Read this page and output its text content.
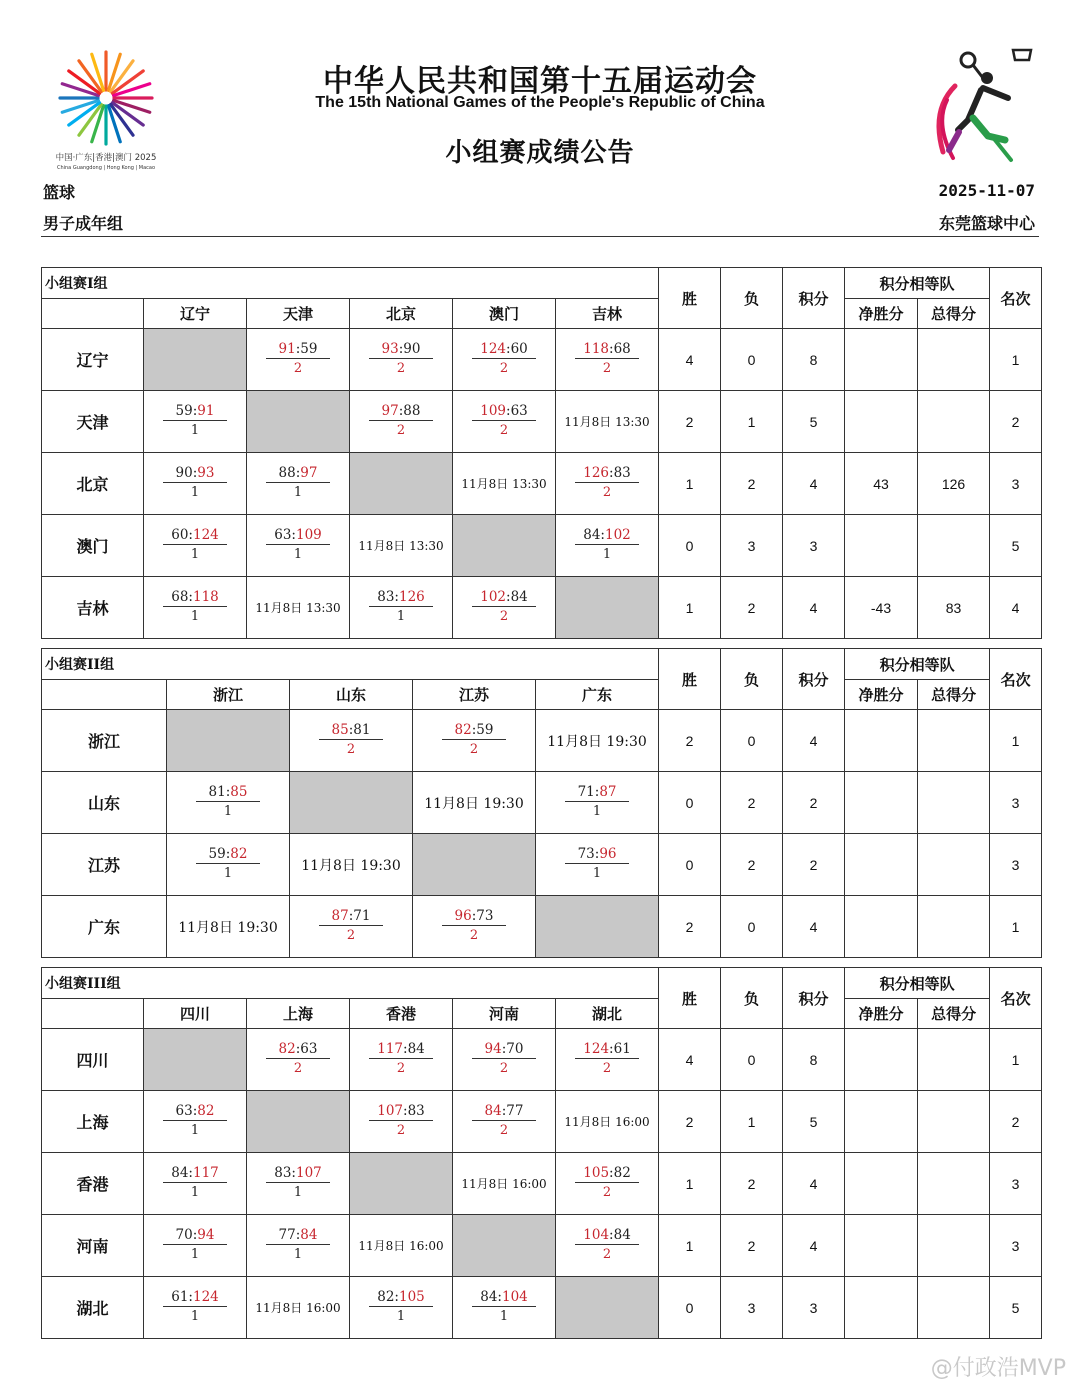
中国·广东|香港|澳门 2025
China Guangdong | Hong Kong | Macao
中华人民共和国第十五届运动会
The 15th National Games of the People's Republic of China
小组赛成绩公告
篮球
男子成年组
2025-11-07
东莞篮球中心
小组赛I组						胜	负	积分	积分相等队		名次
	辽宁	天津	北京	澳门	吉林				净胜分	总得分	
辽宁		$\frac{91:59}{2}$	$\frac{93:90}{2}$	$\frac{124:60}{2}$	$\frac{118:68}{2}$	4	0	8			1
天津	$\frac{59:91}{1}$		$\frac{97:88}{2}$	$\frac{109:63}{2}$	11月8日 13:30	2	1	5			2
北京	$\frac{90:93}{1}$	$\frac{88:97}{1}$		11月8日 13:30	$\frac{126:83}{2}$	1	2	4	43	126	3
澳门	$\frac{60:124}{1}$	$\frac{63:109}{1}$	11月8日 13:30		$\frac{84:102}{1}$	0	3	3			5
吉林	$\frac{68:118}{1}$	11月8日 13:30	$\frac{83:126}{1}$	$\frac{102:84}{2}$		1	2	4	-43	83	4
小组赛II组					胜	负	积分	积分相等队		名次
	浙江	山东	江苏	广东				净胜分	总得分	
浙江		$\frac{85:81}{2}$	$\frac{82:59}{2}$	11月8日 19:30	2	0	4			1
山东	$\frac{81:85}{1}$		11月8日 19:30	$\frac{71:87}{1}$	0	2	2			3
江苏	$\frac{59:82}{1}$	11月8日 19:30		$\frac{73:96}{1}$	0	2	2			3
广东	11月8日 19:30	$\frac{87:71}{2}$	$\frac{96:73}{2}$		2	0	4			1
小组赛III组						胜	负	积分	积分相等队		名次
	四川	上海	香港	河南	湖北				净胜分	总得分	
四川		$\frac{82:63}{2}$	$\frac{117:84}{2}$	$\frac{94:70}{2}$	$\frac{124:61}{2}$	4	0	8			1
上海	$\frac{63:82}{1}$		$\frac{107:83}{2}$	$\frac{84:77}{2}$	11月8日 16:00	2	1	5			2
香港	$\frac{84:117}{1}$	$\frac{83:107}{1}$		11月8日 16:00	$\frac{105:82}{2}$	1	2	4			3
河南	$\frac{70:94}{1}$	$\frac{77:84}{1}$	11月8日 16:00		$\frac{104:84}{2}$	1	2	4			3
湖北	$\frac{61:124}{1}$	11月8日 16:00	$\frac{82:105}{1}$	$\frac{84:104}{1}$		0	3	3			5
@付政浩MVP
